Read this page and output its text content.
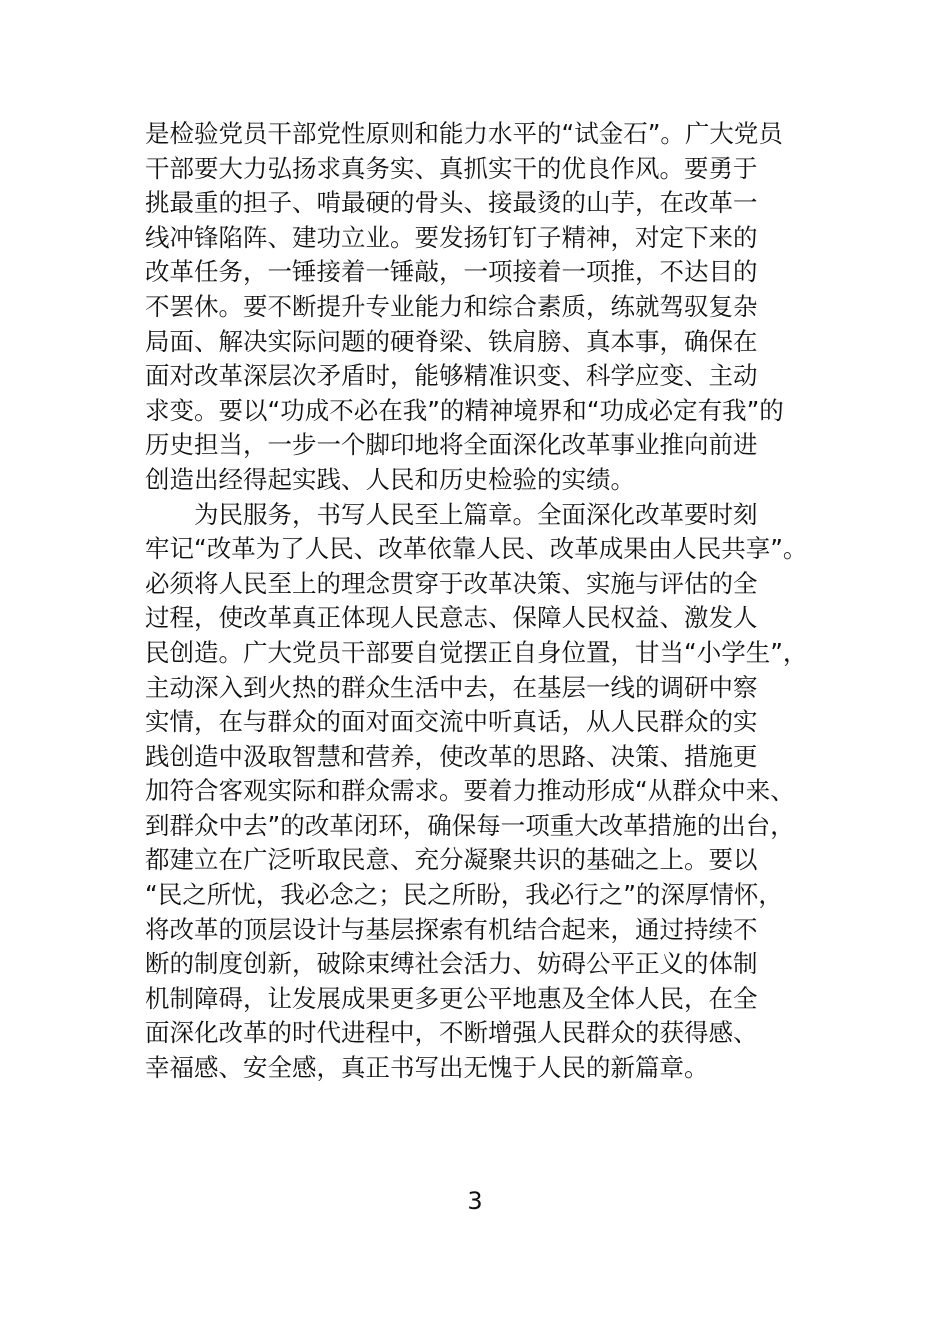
是检验党员干部党性原则和能力水平的“试金石”。广大党员
干部要大力弘扬求真务实、真抓实干的优良作风。要勇于
挑最重的担子、啃最硬的骨头、接最烫的山芋，在改革一
线冲锋陷阵、建功立业。要发扬钉钉子精神，对定下来的
改革任务，一锤接着一锤敲，一项接着一项推，不达目的
不罢休。要不断提升专业能力和综合素质，练就驾驭复杂
局面、解决实际问题的硬脊梁、铁肩膀、真本事，确保在
面对改革深层次矛盾时，能够精准识变、科学应变、主动
求变。要以“功成不必在我”的精神境界和“功成必定有我”的
历史担当，一步一个脚印地将全面深化改革事业推向前进
创造出经得起实践、人民和历史检验的实绩。
　　为民服务，书写人民至上篇章。全面深化改革要时刻
牢记“改革为了人民、改革依靠人民、改革成果由人民共享”。
必须将人民至上的理念贯穿于改革决策、实施与评估的全
过程，使改革真正体现人民意志、保障人民权益、激发人
民创造。广大党员干部要自觉摆正自身位置，甘当“小学生”，
主动深入到火热的群众生活中去，在基层一线的调研中察
实情，在与群众的面对面交流中听真话，从人民群众的实
践创造中汲取智慧和营养，使改革的思路、决策、措施更
加符合客观实际和群众需求。要着力推动形成“从群众中来、
到群众中去”的改革闭环，确保每一项重大改革措施的出台，
都建立在广泛听取民意、充分凝聚共识的基础之上。要以
“民之所忧，我必念之；民之所盼，我必行之”的深厚情怀，
将改革的顶层设计与基层探索有机结合起来，通过持续不
断的制度创新，破除束缚社会活力、妨碍公平正义的体制
机制障碍，让发展成果更多更公平地惠及全体人民，在全
面深化改革的时代进程中，不断增强人民群众的获得感、
幸福感、安全感，真正书写出无愧于人民的新篇章。
3
